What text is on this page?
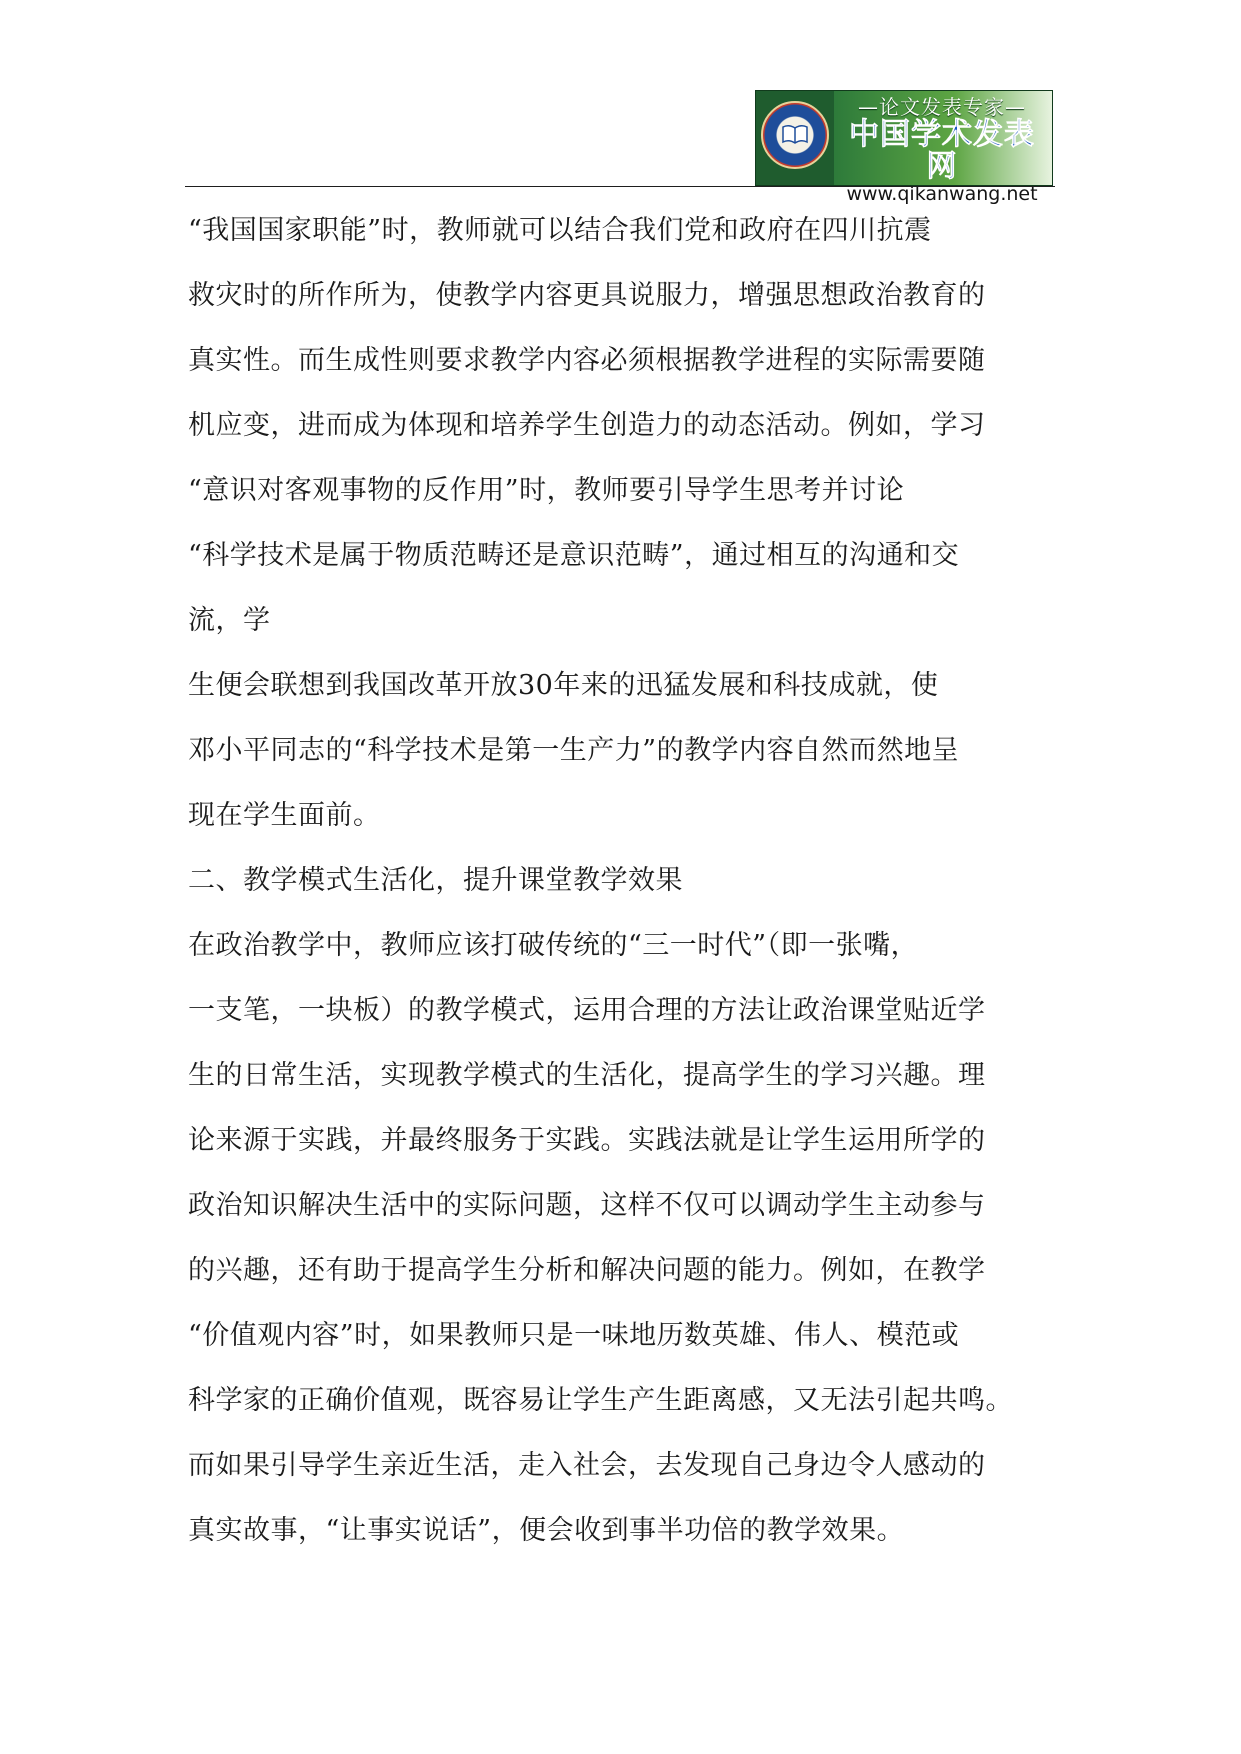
—论文发表专家—
中国学术发表网
www.qikanwang.net
“我国国家职能”时，教师就可以结合我们党和政府在四川抗震
救灾时的所作所为，使教学内容更具说服力，增强思想政治教育的
真实性。而生成性则要求教学内容必须根据教学进程的实际需要随
机应变，进而成为体现和培养学生创造力的动态活动。例如，学习
“意识对客观事物的反作用”时，教师要引导学生思考并讨论
“科学技术是属于物质范畴还是意识范畴”，通过相互的沟通和交
流，学
生便会联想到我国改革开放30年来的迅猛发展和科技成就，使
邓小平同志的“科学技术是第一生产力”的教学内容自然而然地呈
现在学生面前。
二、教学模式生活化，提升课堂教学效果
在政治教学中，教师应该打破传统的“三一时代”（即一张嘴，
一支笔，一块板）的教学模式，运用合理的方法让政治课堂贴近学
生的日常生活，实现教学模式的生活化，提高学生的学习兴趣。理
论来源于实践，并最终服务于实践。实践法就是让学生运用所学的
政治知识解决生活中的实际问题，这样不仅可以调动学生主动参与
的兴趣，还有助于提高学生分析和解决问题的能力。例如，在教学
“价值观内容”时，如果教师只是一味地历数英雄、伟人、模范或
科学家的正确价值观，既容易让学生产生距离感，又无法引起共鸣。
而如果引导学生亲近生活，走入社会，去发现自己身边令人感动的
真实故事，“让事实说话”，便会收到事半功倍的教学效果。
